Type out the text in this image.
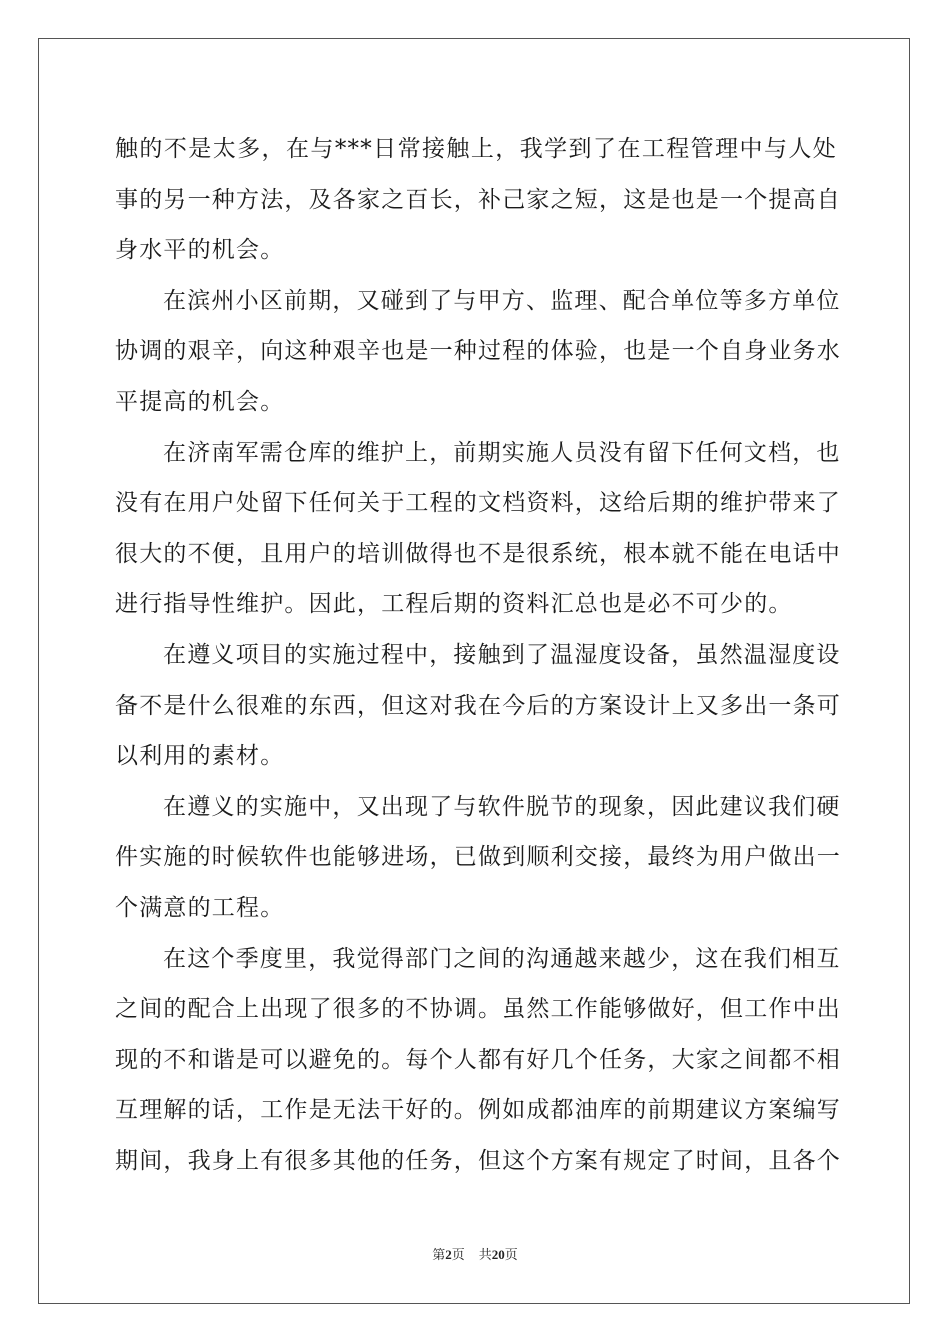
触的不是太多，在与***日常接触上，我学到了在工程管理中与人处
事的另一种方法，及各家之百长，补己家之短，这是也是一个提高自
身水平的机会。
在滨州小区前期，又碰到了与甲方、监理、配合单位等多方单位
协调的艰辛，向这种艰辛也是一种过程的体验，也是一个自身业务水
平提高的机会。
在济南军需仓库的维护上，前期实施人员没有留下任何文档，也
没有在用户处留下任何关于工程的文档资料，这给后期的维护带来了
很大的不便，且用户的培训做得也不是很系统，根本就不能在电话中
进行指导性维护。因此，工程后期的资料汇总也是必不可少的。
在遵义项目的实施过程中，接触到了温湿度设备，虽然温湿度设
备不是什么很难的东西，但这对我在今后的方案设计上又多出一条可
以利用的素材。
在遵义的实施中，又出现了与软件脱节的现象，因此建议我们硬
件实施的时候软件也能够进场，已做到顺利交接，最终为用户做出一
个满意的工程。
在这个季度里，我觉得部门之间的沟通越来越少，这在我们相互
之间的配合上出现了很多的不协调。虽然工作能够做好，但工作中出
现的不和谐是可以避免的。每个人都有好几个任务，大家之间都不相
互理解的话，工作是无法干好的。例如成都油库的前期建议方案编写
期间，我身上有很多其他的任务，但这个方案有规定了时间，且各个
第2页 共20页
